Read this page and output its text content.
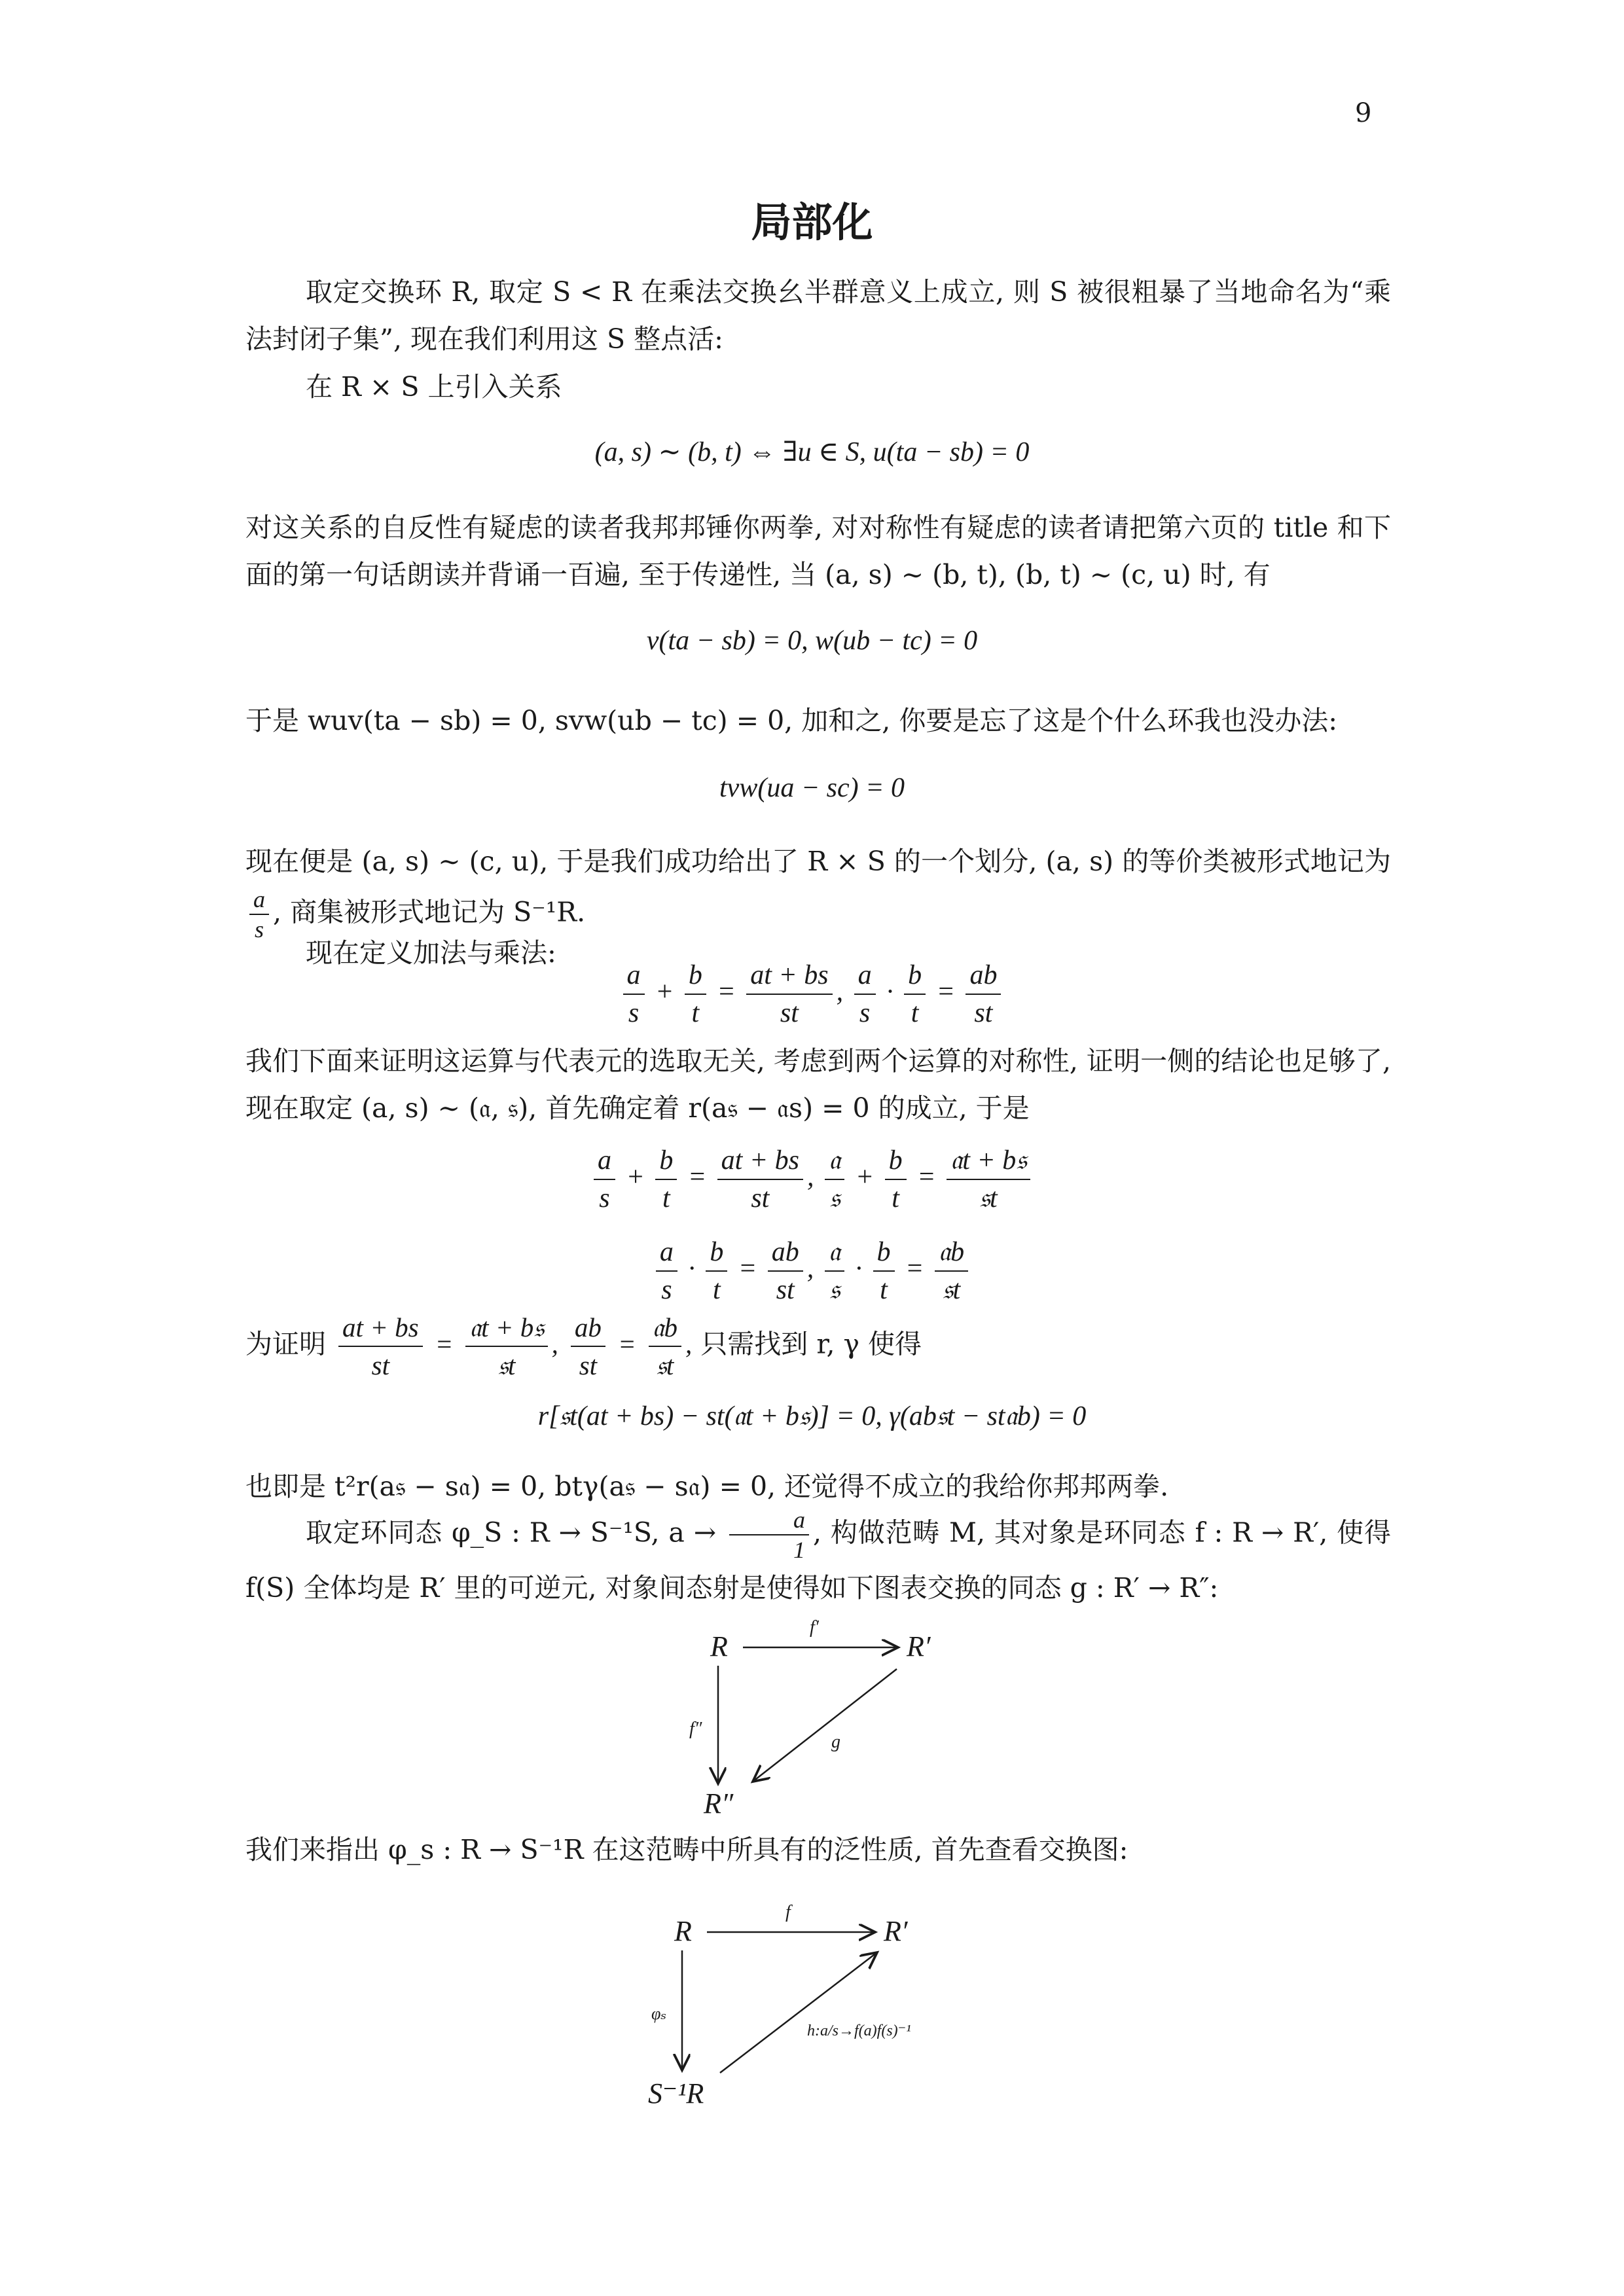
9
局部化
取定交换环 R, 取定 S < R 在乘法交换幺半群意义上成立, 则 S 被很粗暴了当地命名为“乘法封闭子集”, 现在我们利用这 S 整点活:
在 R × S 上引入关系
(a, s) ∼ (b, t) ⇔ ∃u ∈ S, u(ta − sb) = 0
对这关系的自反性有疑虑的读者我邦邦锤你两拳, 对对称性有疑虑的读者请把第六页的 title 和下面的第一句话朗读并背诵一百遍, 至于传递性, 当 (a, s) ∼ (b, t), (b, t) ∼ (c, u) 时, 有
v(ta − sb) = 0, w(ub − tc) = 0
于是 wuv(ta − sb) = 0, svw(ub − tc) = 0, 加和之, 你要是忘了这是个什么环我也没办法:
tvw(ua − sc) = 0
现在便是 (a, s) ∼ (c, u), 于是我们成功给出了 R × S 的一个划分, (a, s) 的等价类被形式地记为
$\frac{a}{s}$ , 商集被形式地记为 S⁻¹R.
现在定义加法与乘法:
$\frac{a}{s} + \frac{b}{t} = \frac{at + bs}{st}$ , $\frac{a}{s} \cdot \frac{b}{t} = \frac{ab}{st}$
我们下面来证明这运算与代表元的选取无关, 考虑到两个运算的对称性, 证明一侧的结论也足够了, 现在取定 (a, s) ∼ (𝔞, 𝔰), 首先确定着 r(a𝔰 − 𝔞s) = 0 的成立, 于是
$\frac{a}{s} + \frac{b}{t} = \frac{at + bs}{st}$ , $\frac{\text{𝔞}}{\text{𝔰}} + \frac{b}{t} = \frac{\text{𝔞t + b𝔰}}{\text{𝔰t}}$
$\frac{a}{s} \cdot \frac{b}{t} = \frac{ab}{st}$ , $\frac{\text{𝔞}}{\text{𝔰}} \cdot \frac{b}{t} = \frac{\text{𝔞b}}{\text{𝔰t}}$
为证明 $\frac{at + bs}{st} = \frac{\text{𝔞t + b𝔰}}{\text{𝔰t}}$ , $\frac{ab}{st} = \frac{\text{𝔞b}}{\text{𝔰t}}$ , 只需找到 r, γ 使得
r[𝔰t(at + bs) − st(𝔞t + b𝔰)] = 0, γ(ab𝔰t − st𝔞b) = 0
也即是 t²r(a𝔰 − s𝔞) = 0, btγ(a𝔰 − s𝔞) = 0, 还觉得不成立的我给你邦邦两拳.
取定环同态 φ_S : R → S⁻¹S, $a \to \frac{a}{1}$ , 构做范畴 M, 其对象是环同态 f : R → R′, 使得 f(S) 全体均是 R′ 里的可逆元, 对象间态射是使得如下图表交换的同态 g : R′ → R″:
R	R′
R″
f′
f″
g
我们来指出 φ_s : R → S⁻¹R 在这范畴中所具有的泛性质, 首先查看交换图:
R	R′
S⁻¹R
f
φₛ
h:a/s→f(a)f(s)⁻¹
